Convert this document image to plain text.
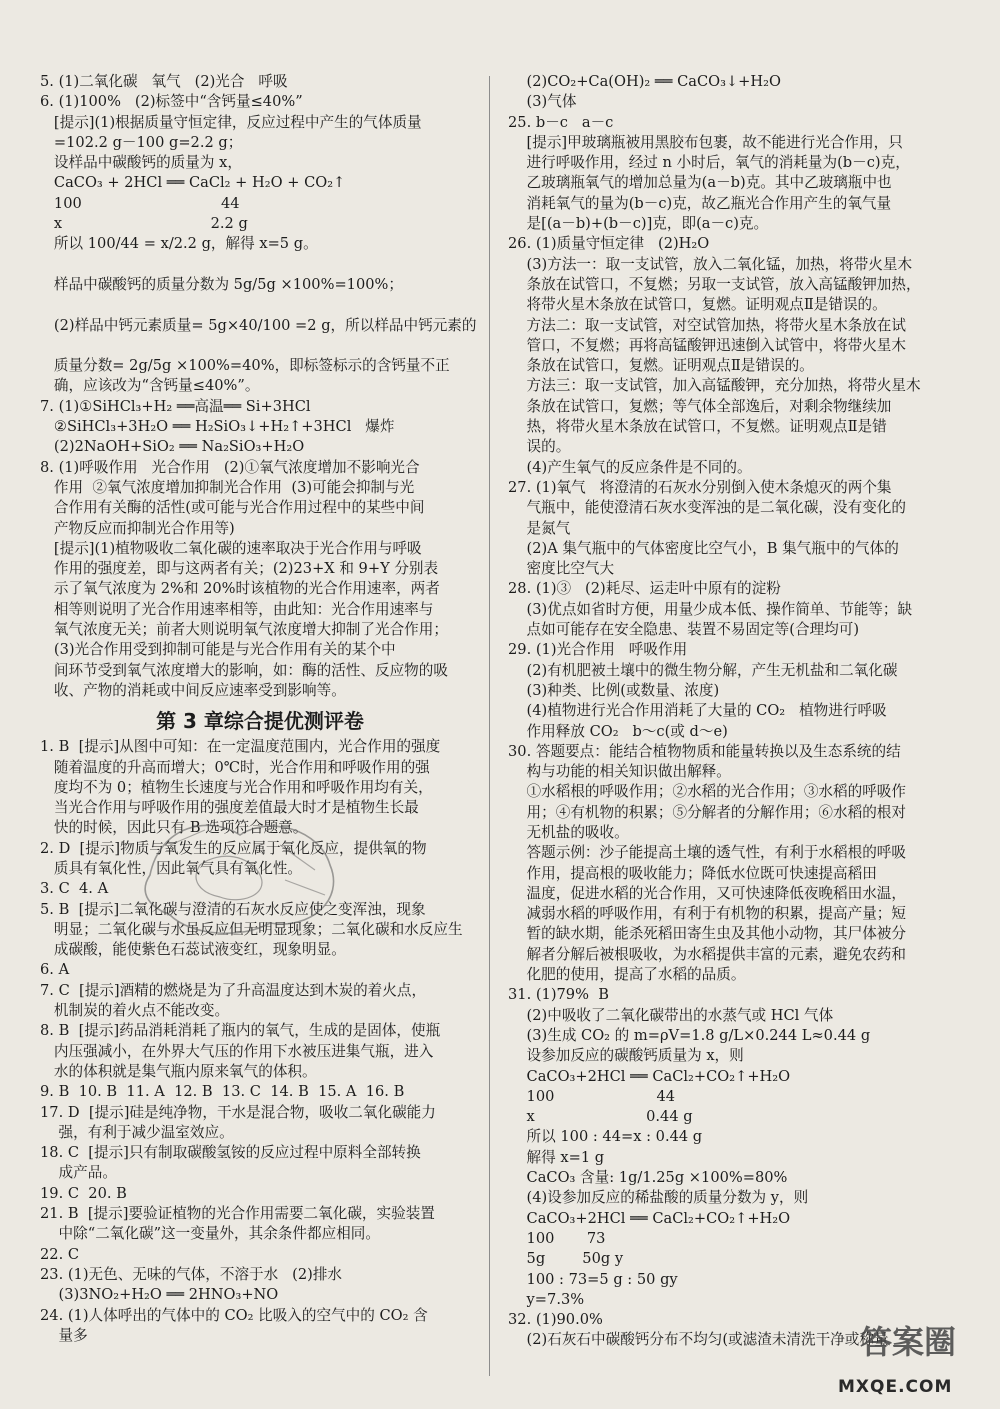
5. (1)二氧化碳   氧气   (2)光合   呼吸
6. (1)100%   (2)标签中“含钙量≤40%”
[提示](1)根据质量守恒定律，反应过程中产生的气体质量
=102.2 g－100 g=2.2 g；
设样品中碳酸钙的质量为 x，
CaCO₃ + 2HCl ══ CaCl₂ + H₂O + CO₂↑
100                              44
x                                2.2 g
所以 100/44 = x/2.2 g，解得 x=5 g。

样品中碳酸钙的质量分数为 5g/5g ×100%=100%；

(2)样品中钙元素质量= 5g×40/100 =2 g，所以样品中钙元素的

质量分数= 2g/5g ×100%=40%，即标签标示的含钙量不正
确，应该改为“含钙量≤40%”。
7. (1)①SiHCl₃+H₂ ══高温══ Si+3HCl
②SiHCl₃+3H₂O ══ H₂SiO₃↓+H₂↑+3HCl   爆炸
(2)2NaOH+SiO₂ ══ Na₂SiO₃+H₂O
8. (1)呼吸作用   光合作用   (2)①氧气浓度增加不影响光合
作用  ②氧气浓度增加抑制光合作用  (3)可能会抑制与光
合作用有关酶的活性(或可能与光合作用过程中的某些中间
产物反应而抑制光合作用等)
[提示](1)植物吸收二氧化碳的速率取决于光合作用与呼吸
作用的强度差，即与这两者有关；(2)23+X 和 9+Y 分别表
示了氧气浓度为 2%和 20%时该植物的光合作用速率，两者
相等则说明了光合作用速率相等，由此知：光合作用速率与
氧气浓度无关；前者大则说明氧气浓度增大抑制了光合作用；
(3)光合作用受到抑制可能是与光合作用有关的某个中
间环节受到氧气浓度增大的影响，如：酶的活性、反应物的吸
收、产物的消耗或中间反应速率受到影响等。
第 3 章综合提优测评卷
1. B  [提示]从图中可知：在一定温度范围内，光合作用的强度
随着温度的升高而增大；0℃时，光合作用和呼吸作用的强
度均不为 0；植物生长速度与光合作用和呼吸作用均有关，
当光合作用与呼吸作用的强度差值最大时才是植物生长最
快的时候，因此只有 B 选项符合题意。
2. D  [提示]物质与氧发生的反应属于氧化反应，提供氧的物
质具有氧化性，因此氧气具有氧化性。
3. C  4. A
5. B  [提示]二氧化碳与澄清的石灰水反应使之变浑浊，现象
明显；二氧化碳与水虽反应但无明显现象；二氧化碳和水反应生
成碳酸，能使紫色石蕊试液变红，现象明显。
6. A
7. C  [提示]酒精的燃烧是为了升高温度达到木炭的着火点，
机制炭的着火点不能改变。
8. B  [提示]药品消耗消耗了瓶内的氧气，生成的是固体，使瓶
内压强减小，在外界大气压的作用下水被压进集气瓶，进入
水的体积就是集气瓶内原来氧气的体积。
9. B  10. B  11. A  12. B  13. C  14. B  15. A  16. B
17. D  [提示]硅是纯净物，干水是混合物，吸收二氧化碳能力
强，有利于减少温室效应。
18. C  [提示]只有制取碳酸氢铵的反应过程中原料全部转换
成产品。
19. C  20. B
21. B  [提示]要验证植物的光合作用需要二氧化碳，实验装置
中除“二氧化碳”这一变量外，其余条件都应相同。
22. C
23. (1)无色、无味的气体，不溶于水   (2)排水
(3)3NO₂+H₂O ══ 2HNO₃+NO
24. (1)人体呼出的气体中的 CO₂ 比吸入的空气中的 CO₂ 含
量多
(2)CO₂+Ca(OH)₂ ══ CaCO₃↓+H₂O
(3)气体
25. b－c   a－c
[提示]甲玻璃瓶被用黑胶布包裹，故不能进行光合作用，只
进行呼吸作用，经过 n 小时后，氧气的消耗量为(b－c)克，
乙玻璃瓶氧气的增加总量为(a－b)克。其中乙玻璃瓶中也
消耗氧气的量为(b－c)克，故乙瓶光合作用产生的氧气量
是[(a－b)+(b－c)]克，即(a－c)克。
26. (1)质量守恒定律   (2)H₂O
(3)方法一：取一支试管，放入二氧化锰，加热，将带火星木
条放在试管口，不复燃；另取一支试管，放入高锰酸钾加热，
将带火星木条放在试管口，复燃。证明观点Ⅱ是错误的。
方法二：取一支试管，对空试管加热，将带火星木条放在试
管口，不复燃；再将高锰酸钾迅速倒入试管中，将带火星木
条放在试管口，复燃。证明观点Ⅱ是错误的。
方法三：取一支试管，加入高锰酸钾，充分加热，将带火星木
条放在试管口，复燃；等气体全部逸后，对剩余物继续加
热，将带火星木条放在试管口，不复燃。证明观点Ⅱ是错
误的。
(4)产生氧气的反应条件是不同的。
27. (1)氧气   将澄清的石灰水分别倒入使木条熄灭的两个集
气瓶中，能使澄清石灰水变浑浊的是二氧化碳，没有变化的
是氮气
(2)A 集气瓶中的气体密度比空气小，B 集气瓶中的气体的
密度比空气大
28. (1)③   (2)耗尽、运走叶中原有的淀粉
(3)优点如省时方便，用量少成本低、操作简单、节能等；缺
点如可能存在安全隐患、装置不易固定等(合理均可)
29. (1)光合作用   呼吸作用
(2)有机肥被土壤中的微生物分解，产生无机盐和二氧化碳
(3)种类、比例(或数量、浓度)
(4)植物进行光合作用消耗了大量的 CO₂   植物进行呼吸
作用释放 CO₂   b～c(或 d～e)
30. 答题要点：能结合植物物质和能量转换以及生态系统的结
构与功能的相关知识做出解释。
①水稻根的呼吸作用；②水稻的光合作用；③水稻的呼吸作
用；④有机物的积累；⑤分解者的分解作用；⑥水稻的根对
无机盐的吸收。
答题示例：沙子能提高土壤的透气性，有利于水稻根的呼吸
作用，提高根的吸收能力；降低水位既可快速提高稻田
温度，促进水稻的光合作用，又可快速降低夜晚稻田水温，
减弱水稻的呼吸作用，有利于有机物的积累，提高产量；短
暂的缺水期，能杀死稻田寄生虫及其他小动物，其尸体被分
解者分解后被根吸收，为水稻提供丰富的元素，避免农药和
化肥的使用，提高了水稻的品质。
31. (1)79%  B
(2)中吸收了二氧化碳带出的水蒸气或 HCl 气体
(3)生成 CO₂ 的 m=ρV=1.8 g/L×0.244 L≈0.44 g
设参加反应的碳酸钙质量为 x，则
CaCO₃+2HCl ══ CaCl₂+CO₂↑+H₂O
100                      44
x                        0.44 g
所以 100 : 44=x : 0.44 g
解得 x=1 g
CaCO₃ 含量: 1g/1.25g ×100%=80%
(4)设参加反应的稀盐酸的质量分数为 y，则
CaCO₃+2HCl ══ CaCl₂+CO₂↑+H₂O
100       73
5g        50g y
100 : 73=5 g : 50 gy
y=7.3%
32. (1)90.0%
(2)石灰石中碳酸钙分布不均匀(或滤渣未清洗干净或称量
答案圈
MXQE.COM
